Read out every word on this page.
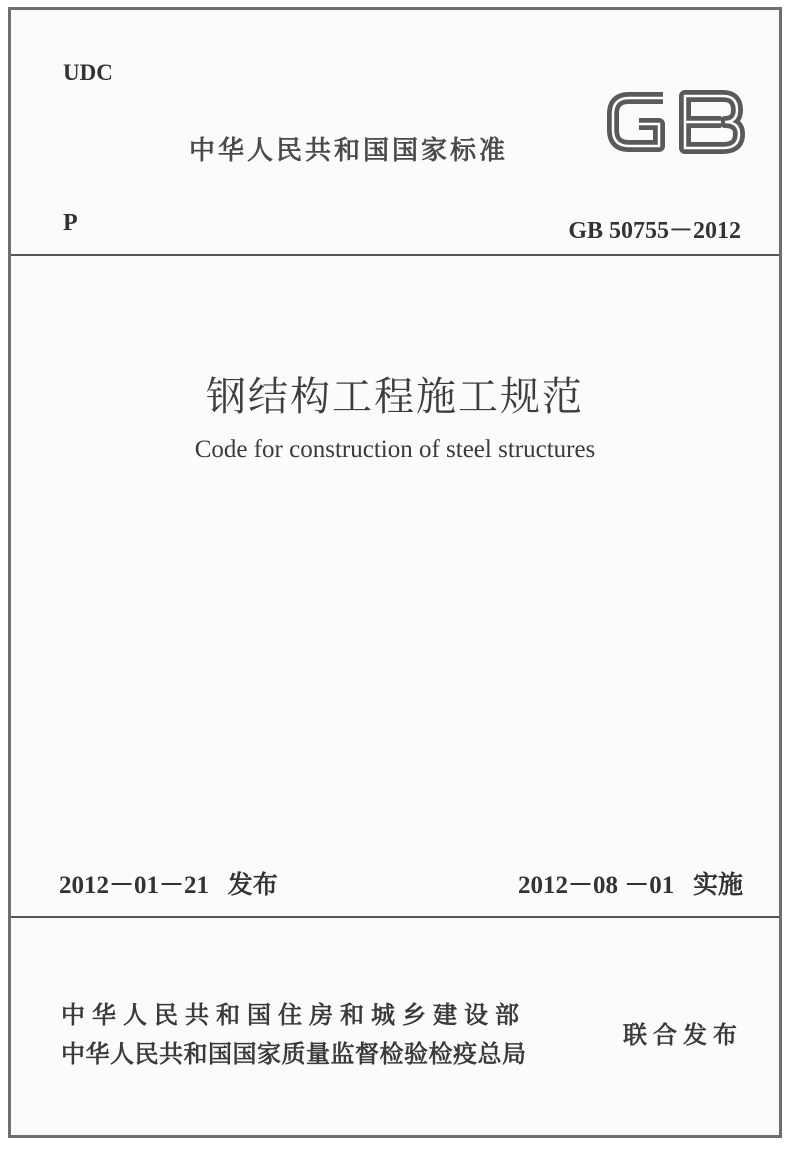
UDC
中华人民共和国国家标准
P	GB 50755－2012
钢结构工程施工规范
Code for construction of steel structures
2012－01－21 发布	2012－08 －01 实施
中华人民共和国住房和城乡建设部
中华人民共和国国家质量监督检验检疫总局
联合发布
